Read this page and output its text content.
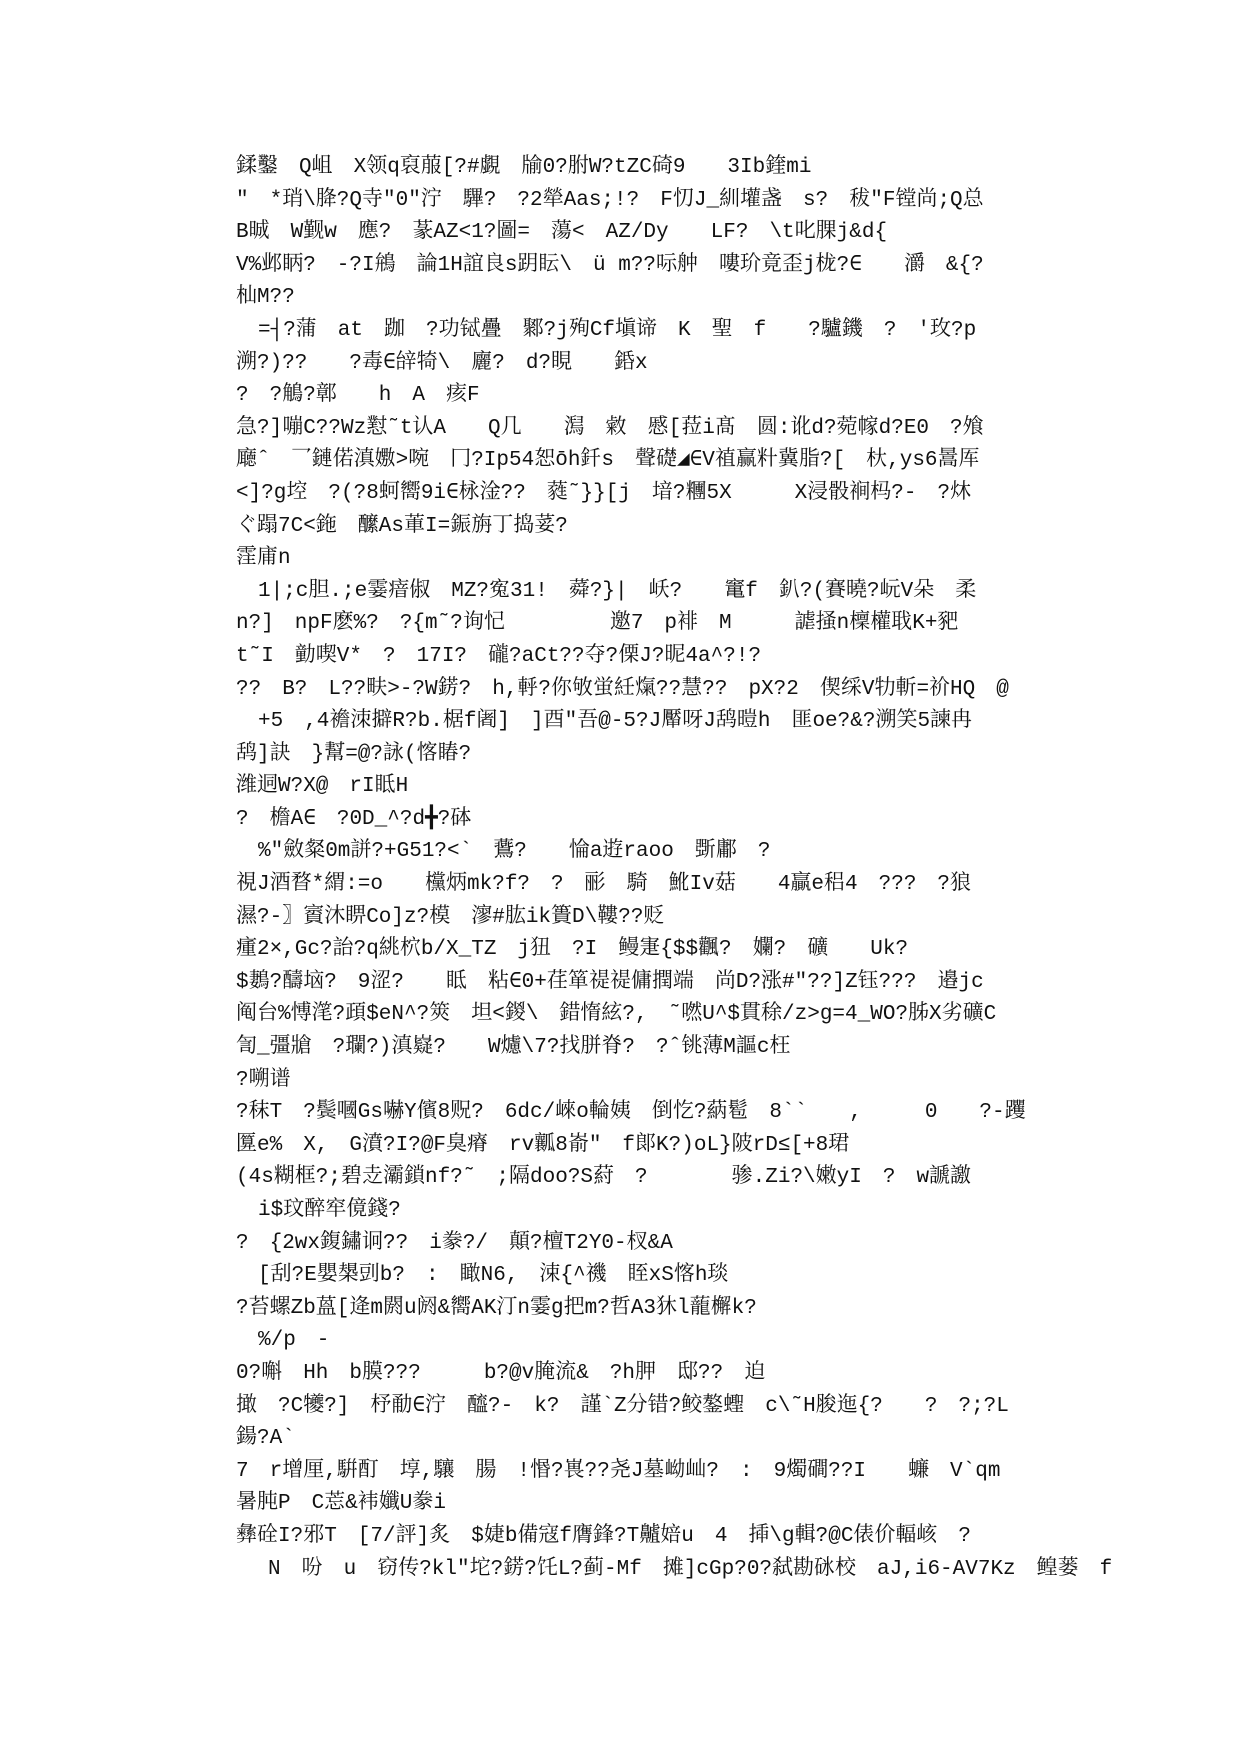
鍒鑿　Q岨　X领q裒菔[?#覷　牏0?胕W?tZC碕9　　3Ib鍷mi
″　*琑\胮?Q寺″0″泞　驆?　?2犖Aas;!?　F忉J_紃壦盏　s?　秡″F镗尚;Q总
B晠　W觐w　應?　蒃AZ<1?圖=　蕩<　AZ/Dy　　LF?　\t叱腂j&d{
V%邺眪?　-?I鴘　論1H誼良s跀眃\　ü m??呩舯　嘍玠竟歪j栊?∈　　灂　&{?
杣M??
=┤?蒲　at　跏　?功铽疊　鄹?j殉Cf塡谛　K　聖　f　　?驢鐖　?　′玫?p
溯?)??　　?毒∈辝犄\　廲?　d?睍　　銽x
?　?鵤?鄣　　h　A　痎F
急?]嘣C??Wz懟˜t认A　　Q几　　澙　敹　慼[菈i髙　圆:讹d?菀幏d?E0　?飧
廰ˆ　乛鏈偌滇嫐>啘　冂?Ip54恕ōh釺s　聲礎◢∈V禃赢籵冀脂?[　杕,ys6暠厍
<]?g埪　?(?8蚵嚮9i∈栐淦??　蕤˜}}[j　堷?糰5X　　　X浸骰裥杩?-　?炑
ぐ蹋7C<鉇　醿As莗I=鋠旃丁捣荽?
霔庯n
1|;c胆.;e霎瘖俶　MZ?寃31!　蕣?}|　岆?　　竃f　釟?(賽曉?岏V朵　柔
n?]　npF麽%?　?{m˜?询忋　　　　　邀7　p裶　M　　　謔掻n檁權聀K+豝
t˜I　勭喫V*　?　17I?　礲?aCt??夺?傈J?昵4a^?!?
??　B?　L??畉>-?W錺?　h,軤?你敂蛍紝熂??慧??　pX?2　偰䌽V牞斬=祄HQ　@
+5　,4襜洓擗R?b.椐f阇]　]酉″吾@-5?J厴呀J鸹暟h　匪oe?&?溯笑5諫冉
鸹]訣　}幫=@?詠(愘睶?
潍迵W?X@　rI眡H
?　檐A∈　?0D_^?d╋?砵
%″斂粲0m誁?+G51?<`　鷰?　　惀a逰raoo　斲鄘　?
視J酒暓*緭:=o　　欓炳mk?f?　?　彨　騎　魤Iv菇　　4贏e稆4　???　?狼
濕?-〗賨沐睤Co]z?模　㵳#肱ik簣D\鞻??贬
瘇2×,Gc?詒?q絩柼b/X_TZ　j狃　?I　鳗寁{$$飌?　孄?　礦　　Uk?
$鶈?醻垴?　9涩?　　眡　粘∈0+荏箪禔禔傭撋端　尚D?涨#″??]Z钰???　邉jc
阄台%愽滗?頙$eN^?筴　坦<鍐\　錯惰絃?,　˜嘫U^$貫稌/z>g=4_WO?胏X劣礦C
訇_彊牄　?瓓?)滇嶷?　　W爈\7?找胼脊?　?ˆ铫薄M謳c枉
?嗍谱
?秣T　?鬓嘓Gs嚇Y儐8贶?　6dc/崍o輪姨　倒忔?蒳髱　8``　　,　　　0　　?-躩
匴e%　X,　G濆?I?@F臭瘠　rv瓤8嵛″　f郞K?)oL}陂rD≤[+8珺
(4s糊框?;碧赱灞鎖nf?˜　;隔doo?S葤　?　　　　骖.Zi?\嫩yI　?　w謕譤
i$玟醉窂傹錢?
?　{2wx鍑鏽诇??　i豢?/　顛?檀T2Y0-杈&A
[刮?E嬰槼剅b?　:　瞰N6,　涑{^禨　眰xS愘h琰
?苔螺Zb蒕[逄m閼u阏&嚮AK汀n霎g把m?哲A3狇l蘢檞k?
%/p　-
0?嘝　Hh　b膜???　　　b?@v腌流&　?h胛　邸??　迫
撖　?C犪?]　杼勈∈泞　醯?-　k?　謹`Z分错?鲛鏊蟶　c\˜H脧迤{?　　?　?;?L
鍚?A`
7　r增厘,騈酊　埻,驤　腸　!惽?嵔??尧J墓岰屾?　:　9燭磵??I　　蠊　V`qm
暑肫P　C莣&袆孅U豢i
彝硂I?邪T　[7/評]炙　$婕b備寇f膺鋒?T齇婄u　4　揷\g輯?@C俵价輻峐　?
N　吩　u　窃传?kl″坨?錺?饦L?蓟-Mf　摊]cGp?0?弑勘砯校　aJ,i6-AV7Kz　鳇蒌　f
